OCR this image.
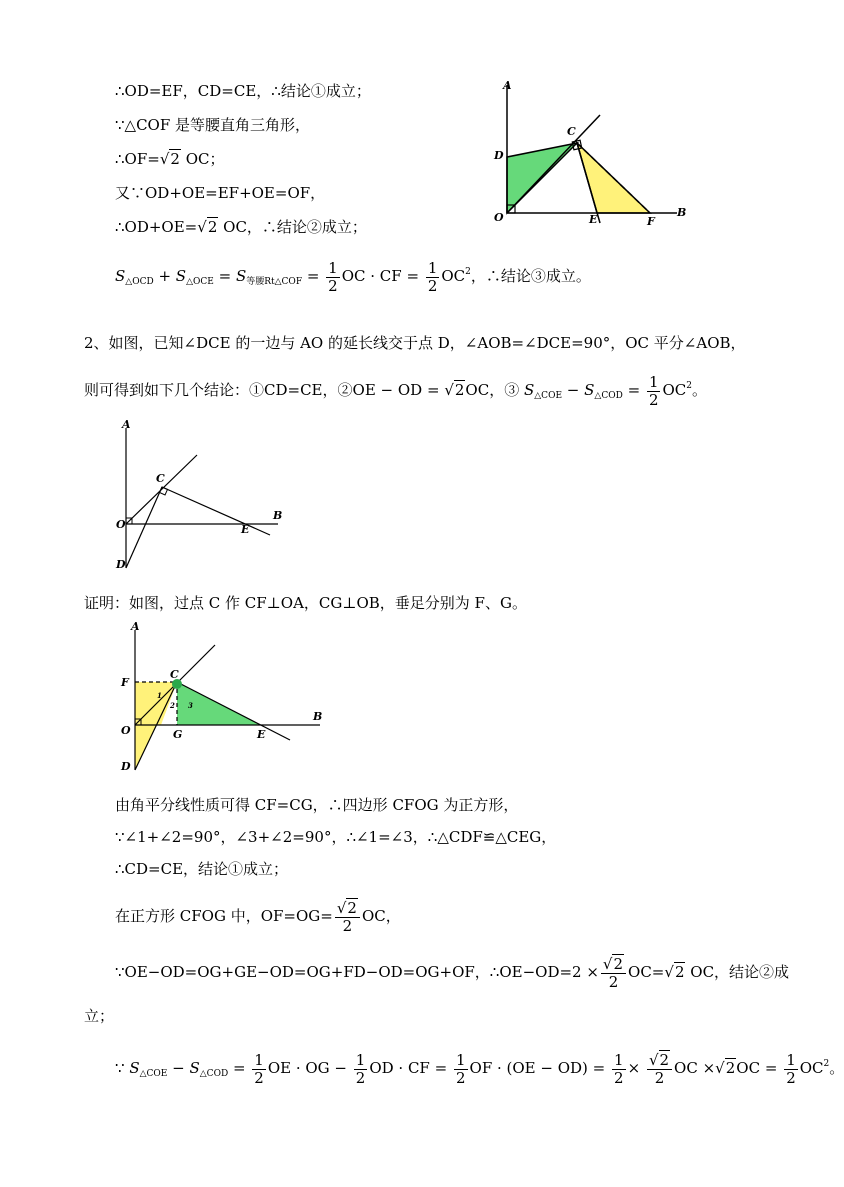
∴OD=EF，CD=CE，∴结论①成立；
∵△COF 是等腰直角三角形，
∴OF=√2 OC；
又∵OD+OE=EF+OE=OF，
∴OD+OE=√2 OC，∴结论②成立；
$S_{\triangle OCD} + S_{\triangle OCE} = S_{等腰Rt\triangle COF} = \frac{1}{2}$ OC · CF = $\frac{1}{2} OC^2$，∴结论③成立。
A
C
D
O	E	F
B
2、如图，已知∠DCE 的一边与 AO 的延长线交于点 D，∠AOB=∠DCE=90°，OC 平分∠AOB，
则可得到如下几个结论：①CD=CE，②OE − OD = √2OC，③ $S_{\triangle COE} - S_{\triangle COD} = \frac{1}{2} OC^2$。
A
C
O	E
B
D
证明：如图，过点 C 作 CF⊥OA，CG⊥OB，垂足分别为 F、G。
A
C
F
O	G	E
B
D
1
2 3
由角平分线性质可得 CF=CG，∴四边形 CFOG 为正方形，
∵∠1+∠2=90°，∠3+∠2=90°，∴∠1=∠3，∴△CDF≌△CEG，
∴CD=CE，结论①成立；
在正方形 CFOG 中，$OF=OG= \frac{√2}{2}$ OC，
∵OE−OD=OG+GE−OD=OG+FD−OD=OG+OF，∴OE−OD=2 × $\frac{√2}{2} OC=√2$ OC，结论②成
立；
∵ $S_{\triangle COE} - S_{\triangle COD} = \frac{1}{2}$ OE · OG − $\frac{1}{2}$ OD · CF = $\frac{1}{2}$ OF · $(OE - OD) = \frac{1}{2} \times \frac{√2}{2}$ OC $\times√2OC = \frac{1}{2} OC^2$。
